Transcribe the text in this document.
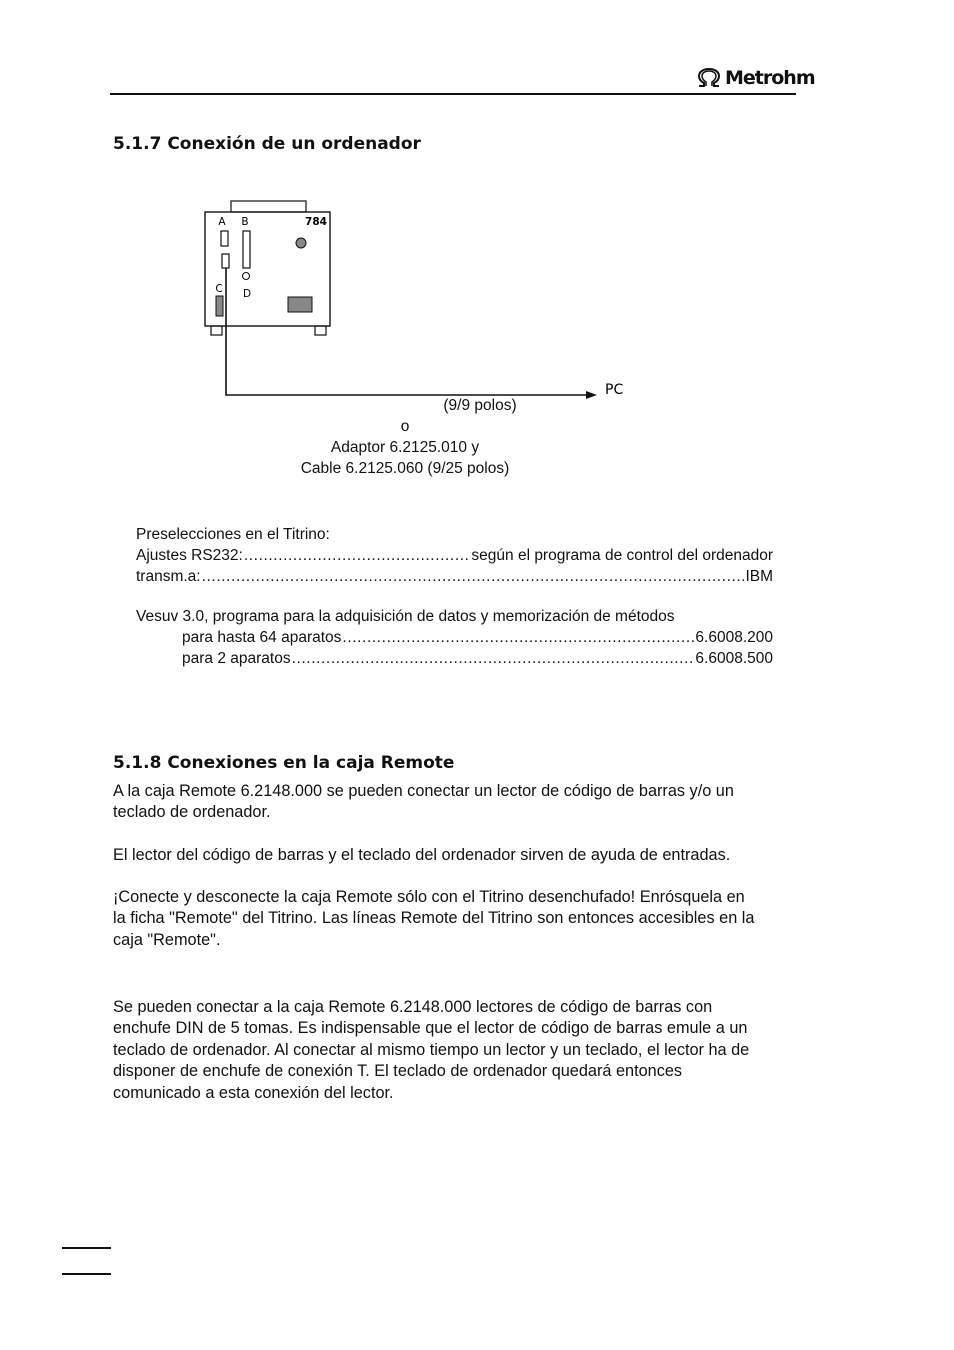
Metrohm
5.1.7 Conexión de un ordenador
A B	784
D
C
PC
(9/9 polos)
o
Adaptor 6.2125.010 y
Cable 6.2125.060 (9/25 polos)
Preselecciones en el Titrino:
Ajustes RS232: .....	según el programa de control del ordenador
transm.a: .....	IBM
Vesuv 3.0, programa para la adquisición de datos y memorización de métodos
para hasta 64 aparatos .....	6.6008.200
para 2 aparatos .....	6.6008.500
5.1.8 Conexiones en la caja Remote
A la caja Remote 6.2148.000 se pueden conectar un lector de código de barras y/o un
teclado de ordenador.
El lector del código de barras y el teclado del ordenador sirven de ayuda de entradas.
¡Conecte y desconecte la caja Remote sólo con el Titrino desenchufado! Enrósquela en
la ficha "Remote" del Titrino. Las líneas Remote del Titrino son entonces accesibles en la
caja "Remote".
Se pueden conectar a la caja Remote 6.2148.000 lectores de código de barras con
enchufe DIN de 5 tomas. Es indispensable que el lector de código de barras emule a un
teclado de ordenador. Al conectar al mismo tiempo un lector y un teclado, el lector ha de
disponer de enchufe de conexión T. El teclado de ordenador quedará entonces
comunicado a esta conexión del lector.
